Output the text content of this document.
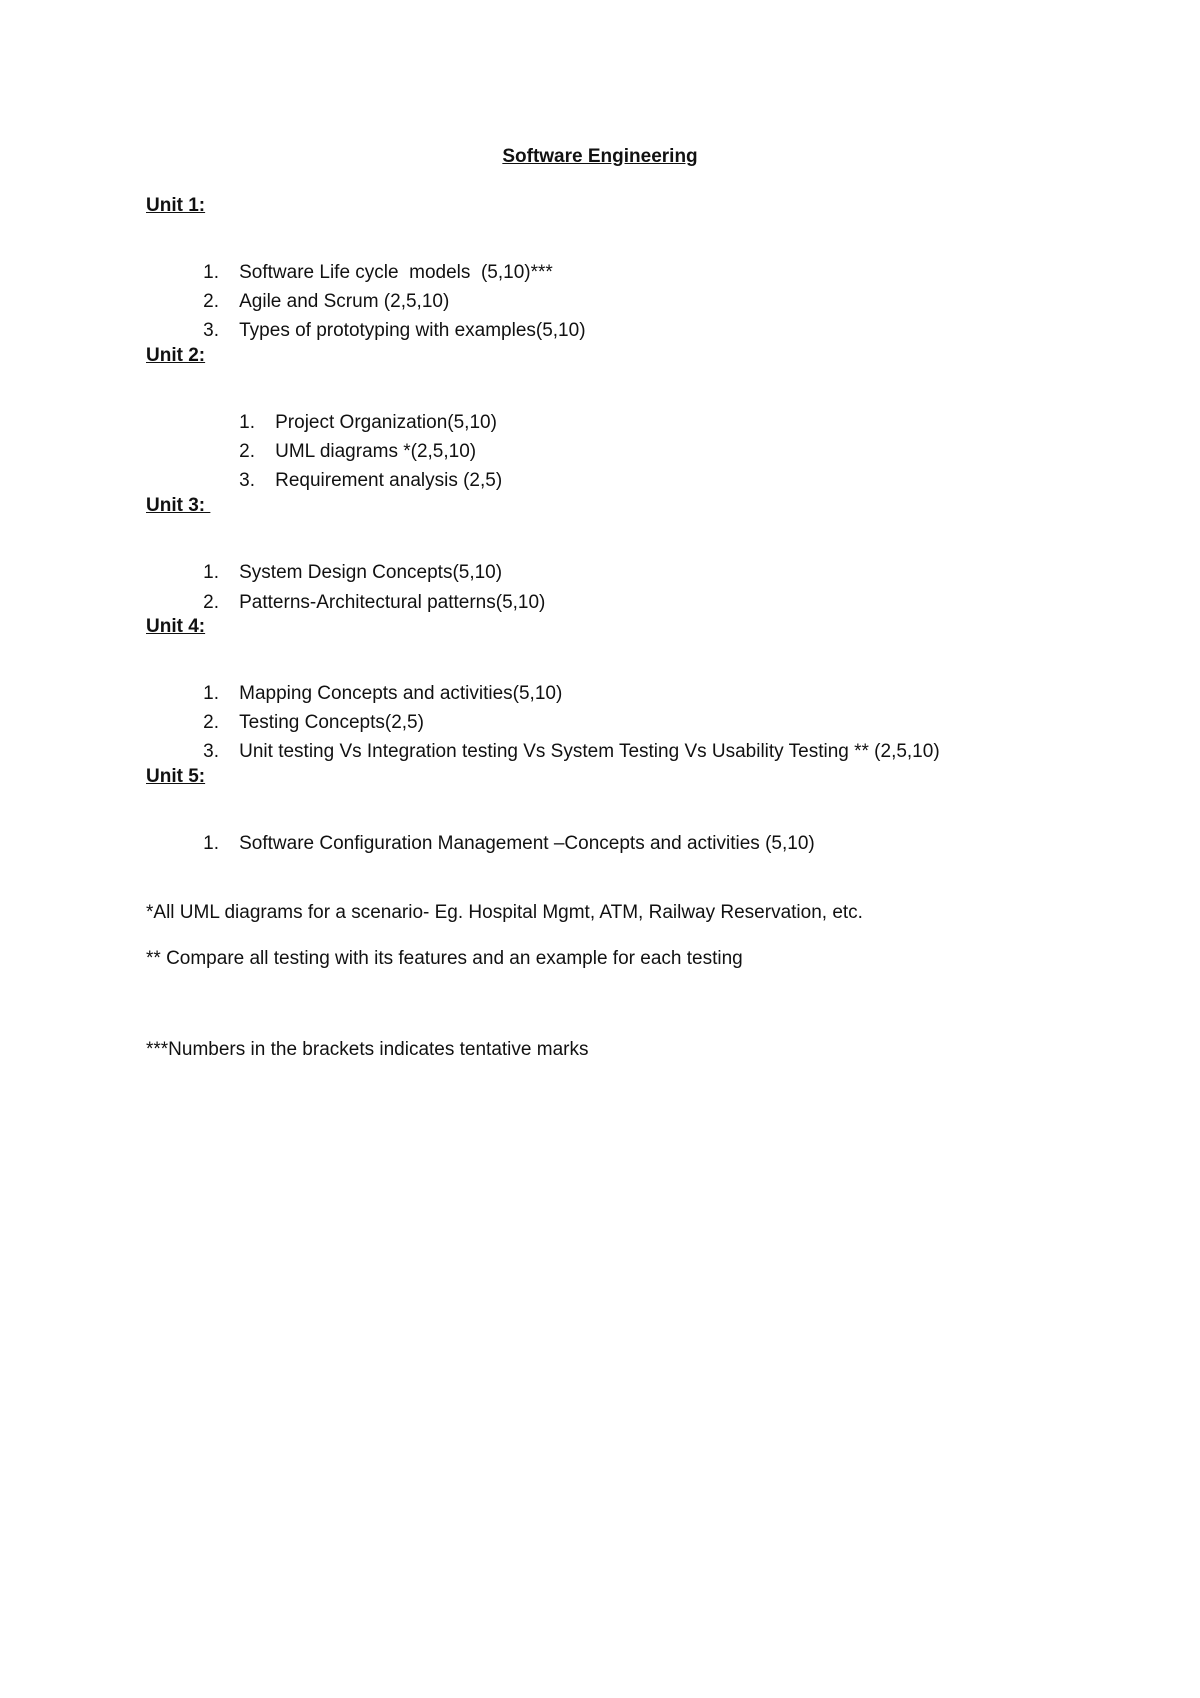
Software Engineering
Unit 1:

1. Software Life cycle  models  (5,10)***

2. Agile and Scrum (2,5,10)

3. Types of prototyping with examples(5,10)

Unit 2:

1. Project Organization(5,10)

2. UML diagrams *(2,5,10)

3. Requirement analysis (2,5)

Unit 3:

1. System Design Concepts(5,10)

2. Patterns-Architectural patterns(5,10)

Unit 4:

1. Mapping Concepts and activities(5,10)

2. Testing Concepts(2,5)

3. Unit testing Vs Integration testing Vs System Testing Vs Usability Testing ** (2,5,10)

Unit 5:

1. Software Configuration Management –Concepts and activities (5,10)

*All UML diagrams for a scenario- Eg. Hospital Mgmt, ATM, Railway Reservation, etc.
** Compare all testing with its features and an example for each testing
***Numbers in the brackets indicates tentative marks
